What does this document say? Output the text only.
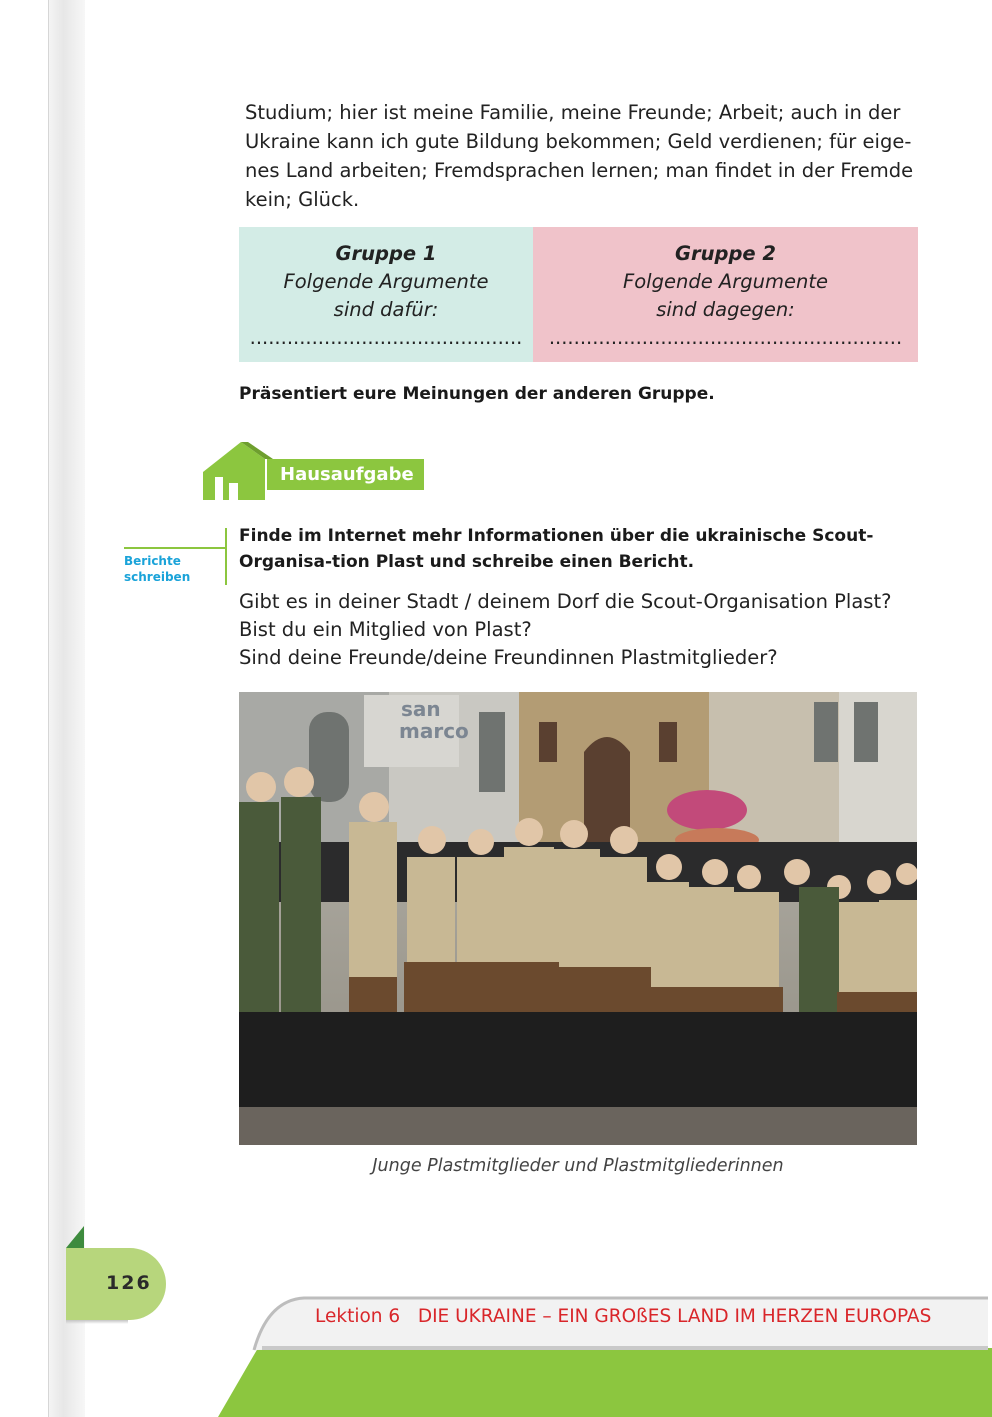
Studium; hier ist meine Familie, meine Freunde; Arbeit; auch in der Ukraine kann ich gute Bildung bekommen; Geld verdienen; für eige-nes Land arbeiten; Fremdsprachen lernen; man findet in der Fremde kein; Glück.
Gruppe 1
Folgende Argumente
sind dafür:
............................................
Gruppe 2
Folgende Argumente
sind dagegen:
.........................................................
Präsentiert eure Meinungen der anderen Gruppe.
Hausaufgabe
Berichte schreiben
Finde im Internet mehr Informationen über die ukrainische Scout-Organisa-tion Plast und schreibe einen Bericht.
Gibt es in deiner Stadt / deinem Dorf die Scout-Organisation Plast?
Bist du ein Mitglied von Plast?
Sind deine Freunde/deine Freundinnen Plastmitglieder?
san
marco
Junge Plastmitglieder und Plastmitgliederinnen
126
Lektion 6 DIE UKRAINE – EIN GROßES LAND IM HERZEN EUROPAS
